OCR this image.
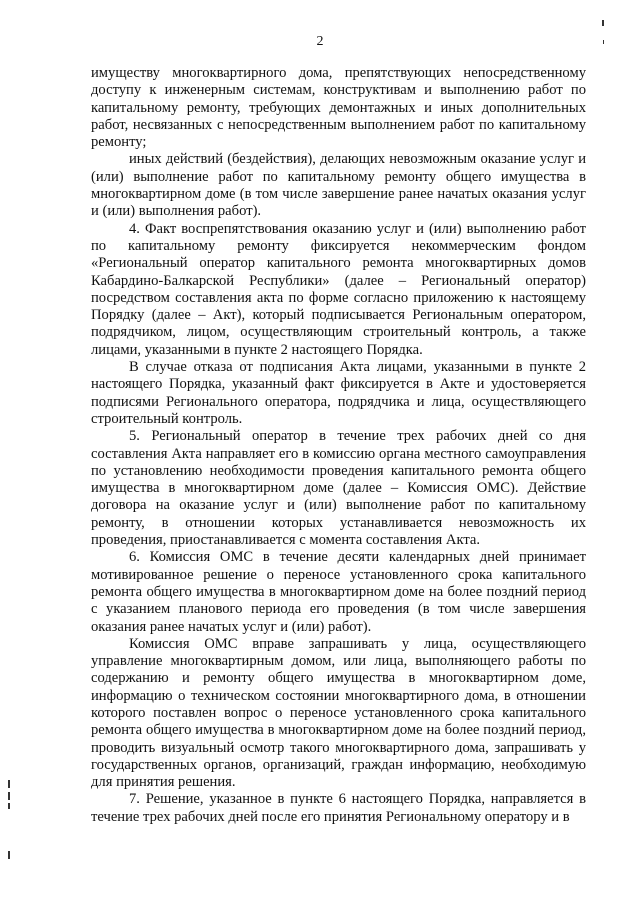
2

имуществу многоквартирного дома, препятствующих непосредственному доступу к инженерным системам, конструктивам и выполнению работ по капитальному ремонту, требующих демонтажных и иных дополнительных работ, несвязанных с непосредственным выполнением работ по капитальному ремонту;

иных действий (бездействия), делающих невозможным оказание услуг и (или) выполнение работ по капитальному ремонту общего имущества в многоквартирном доме (в том числе завершение ранее начатых оказания услуг и (или) выполнения работ).

4. Факт воспрепятствования оказанию услуг и (или) выполнению работ по капитальному ремонту фиксируется некоммерческим фондом «Региональный оператор капитального ремонта многоквартирных домов Кабардино-Балкарской Республики» (далее – Региональный оператор) посредством составления акта по форме согласно приложению к настоящему Порядку (далее – Акт), который подписывается Региональным оператором, подрядчиком, лицом, осуществляющим строительный контроль, а также лицами, указанными в пункте 2 настоящего Порядка.

В случае отказа от подписания Акта лицами, указанными в пункте 2 настоящего Порядка, указанный факт фиксируется в Акте и удостоверяется подписями Регионального оператора, подрядчика и лица, осуществляющего строительный контроль.

5. Региональный оператор в течение трех рабочих дней со дня составления Акта направляет его в комиссию органа местного самоуправления по установлению необходимости проведения капитального ремонта общего имущества в многоквартирном доме (далее – Комиссия ОМС). Действие договора на оказание услуг и (или) выполнение работ по капитальному ремонту, в отношении которых устанавливается невозможность их проведения, приостанавливается с момента составления Акта.

6. Комиссия ОМС в течение десяти календарных дней принимает мотивированное решение о переносе установленного срока капитального ремонта общего имущества в многоквартирном доме на более поздний период с указанием планового периода его проведения (в том числе завершения оказания ранее начатых услуг и (или) работ).

Комиссия ОМС вправе запрашивать у лица, осуществляющего управление многоквартирным домом, или лица, выполняющего работы по содержанию и ремонту общего имущества в многоквартирном доме, информацию о техническом состоянии многоквартирного дома, в отношении которого поставлен вопрос о переносе установленного срока капитального ремонта общего имущества в многоквартирном доме на более поздний период, проводить визуальный осмотр такого многоквартирного дома, запрашивать у государственных органов, организаций, граждан информацию, необходимую для принятия решения.

7. Решение, указанное в пункте 6 настоящего Порядка, направляется в течение трех рабочих дней после его принятия Региональному оператору и в
